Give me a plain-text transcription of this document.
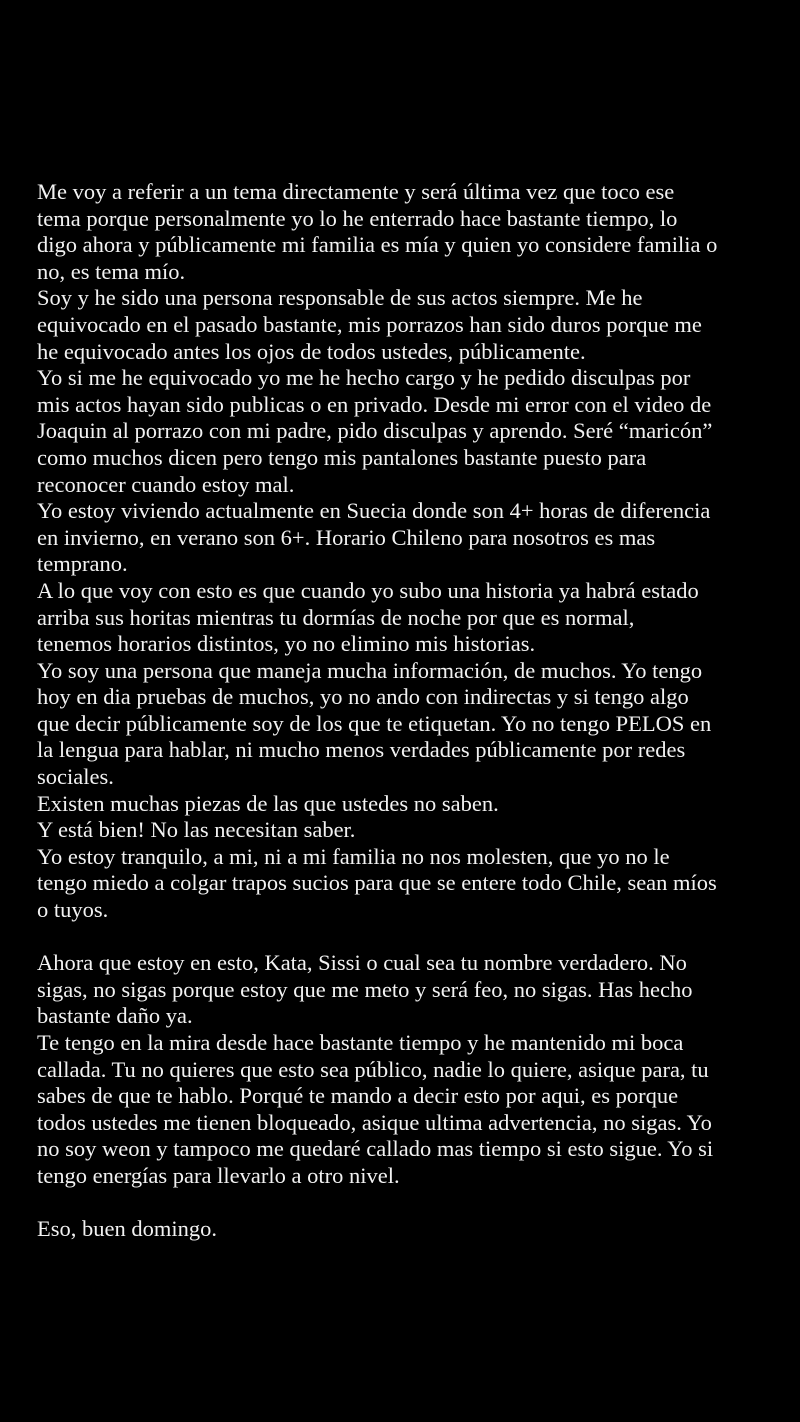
Me voy a referir a un tema directamente y será última vez que toco ese
tema porque personalmente yo lo he enterrado hace bastante tiempo, lo
digo ahora y públicamente mi familia es mía y quien yo considere familia o
no, es tema mío.
Soy y he sido una persona responsable de sus actos siempre. Me he
equivocado en el pasado bastante, mis porrazos han sido duros porque me
he equivocado antes los ojos de todos ustedes, públicamente.
Yo si me he equivocado yo me he hecho cargo y he pedido disculpas por
mis actos hayan sido publicas o en privado. Desde mi error con el video de
Joaquin al porrazo con mi padre, pido disculpas y aprendo. Seré “maricón”
como muchos dicen pero tengo mis pantalones bastante puesto para
reconocer cuando estoy mal.
Yo estoy viviendo actualmente en Suecia donde son 4+ horas de diferencia
en invierno, en verano son 6+. Horario Chileno para nosotros es mas
temprano.
A lo que voy con esto es que cuando yo subo una historia ya habrá estado
arriba sus horitas mientras tu dormías de noche por que es normal,
tenemos horarios distintos, yo no elimino mis historias.
Yo soy una persona que maneja mucha información, de muchos. Yo tengo
hoy en dia pruebas de muchos, yo no ando con indirectas y si tengo algo
que decir públicamente soy de los que te etiquetan. Yo no tengo PELOS en
la lengua para hablar, ni mucho menos verdades públicamente por redes
sociales.
Existen muchas piezas de las que ustedes no saben.
Y está bien! No las necesitan saber.
Yo estoy tranquilo, a mi, ni a mi familia no nos molesten, que yo no le
tengo miedo a colgar trapos sucios para que se entere todo Chile, sean míos
o tuyos.
Ahora que estoy en esto, Kata, Sissi o cual sea tu nombre verdadero. No
sigas, no sigas porque estoy que me meto y será feo, no sigas. Has hecho
bastante daño ya.
Te tengo en la mira desde hace bastante tiempo y he mantenido mi boca
callada. Tu no quieres que esto sea público, nadie lo quiere, asique para, tu
sabes de que te hablo. Porqué te mando a decir esto por aqui, es porque
todos ustedes me tienen bloqueado, asique ultima advertencia, no sigas. Yo
no soy weon y tampoco me quedaré callado mas tiempo si esto sigue. Yo si
tengo energías para llevarlo a otro nivel.
Eso, buen domingo.
